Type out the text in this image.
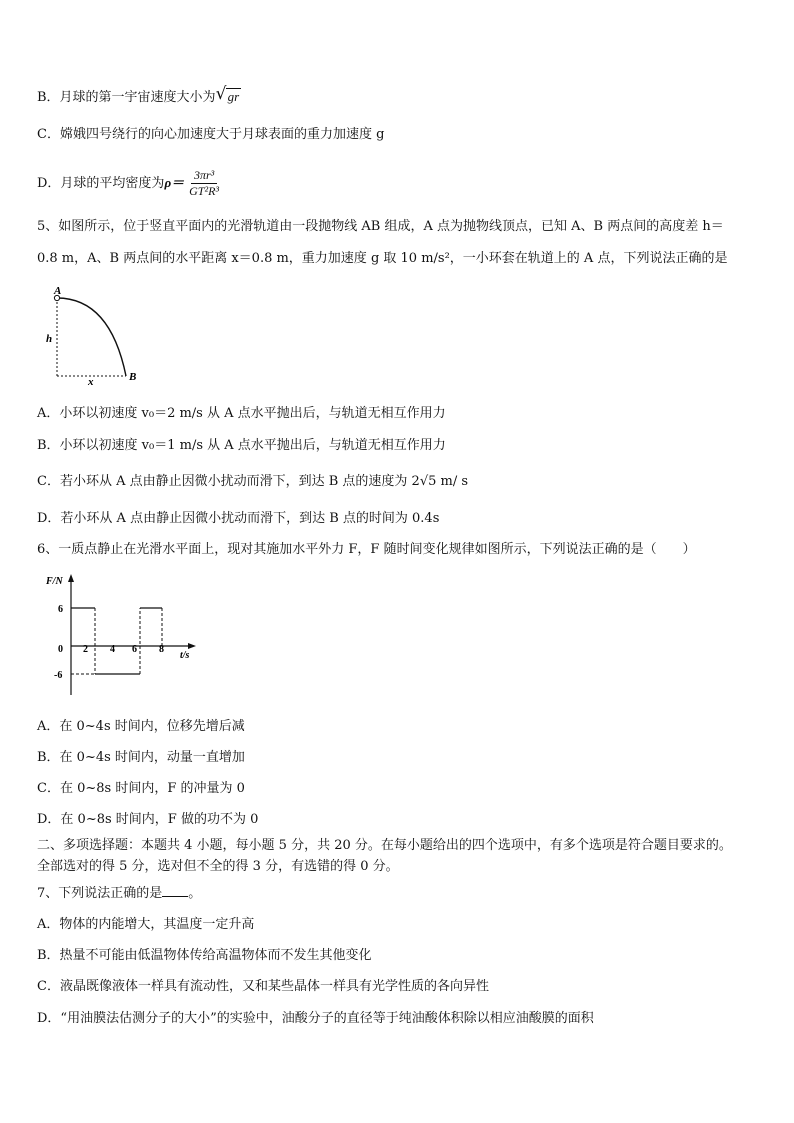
B．月球的第一宇宙速度大小为 √ gr
C．嫦娥四号绕行的向心加速度大于月球表面的重力加速度 g
D．月球的平均密度为$\rho= \frac{\text{3πr³}}{\text{GT²R³}}$
5、如图所示，位于竖直平面内的光滑轨道由一段抛物线 AB 组成，A 点为抛物线顶点，已知 A、B 两点间的高度差 h＝
0.8 m，A、B 两点间的水平距离 x＝0.8 m，重力加速度 g 取 10 m/s²，一小环套在轨道上的 A 点，下列说法正确的是
A
h
x	B
A．小环以初速度 v₀＝2 m/s 从 A 点水平抛出后，与轨道无相互作用力
B．小环以初速度 v₀＝1 m/s 从 A 点水平抛出后，与轨道无相互作用力
C．若小环从 A 点由静止因微小扰动而滑下，到达 B 点的速度为 2√5 m/ s
D．若小环从 A 点由静止因微小扰动而滑下，到达 B 点的时间为 0.4s
6、一质点静止在光滑水平面上，现对其施加水平外力 F，F 随时间变化规律如图所示，下列说法正确的是（　　）
F/N
6
-6
0 2 4 6 8
t/s
A．在 0~4s 时间内，位移先增后减
B．在 0~4s 时间内，动量一直增加
C．在 0~8s 时间内，F 的冲量为 0
D．在 0~8s 时间内，F 做的功不为 0
二、多项选择题：本题共 4 小题，每小题 5 分，共 20 分。在每小题给出的四个选项中，有多个选项是符合题目要求的。
全部选对的得 5 分，选对但不全的得 3 分，有选错的得 0 分。
7、下列说法正确的是 。
A．物体的内能增大，其温度一定升高
B．热量不可能由低温物体传给高温物体而不发生其他变化
C．液晶既像液体一样具有流动性，又和某些晶体一样具有光学性质的各向异性
D．“用油膜法估测分子的大小”的实验中，油酸分子的直径等于纯油酸体积除以相应油酸膜的面积
